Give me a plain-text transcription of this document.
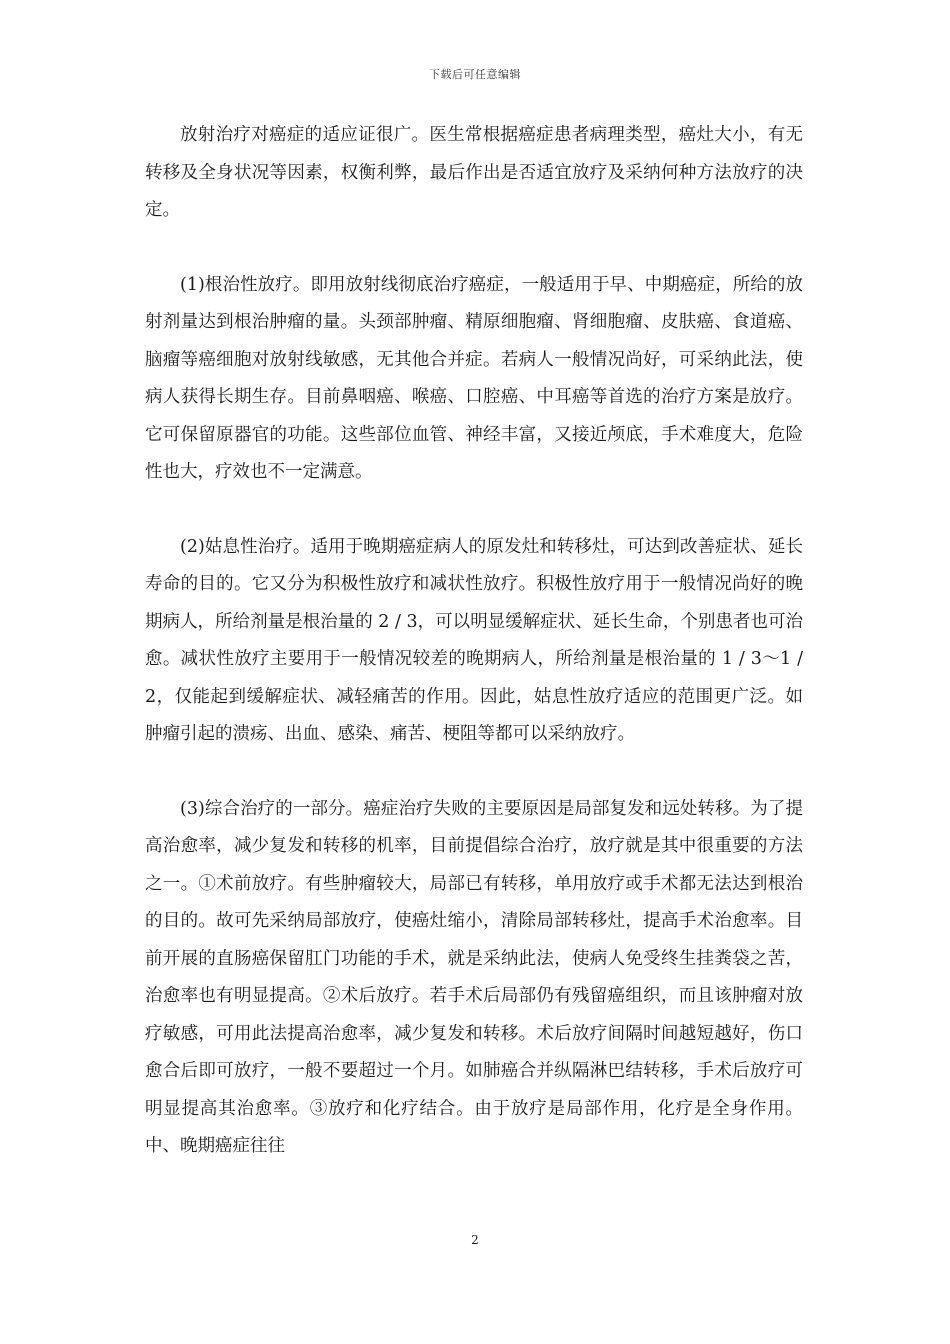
下载后可任意编辑

放射治疗对癌症的适应证很广。医生常根据癌症患者病理类型，癌灶大小，有无转移及全身状况等因素，权衡利弊，最后作出是否适宜放疗及采纳何种方法放疗的决定。

(1)根治性放疗。即用放射线彻底治疗癌症，一般适用于早、中期癌症，所给的放射剂量达到根治肿瘤的量。头颈部肿瘤、精原细胞瘤、肾细胞瘤、皮肤癌、食道癌、脑瘤等癌细胞对放射线敏感，无其他合并症。若病人一般情况尚好，可采纳此法，使病人获得长期生存。目前鼻咽癌、喉癌、口腔癌、中耳癌等首选的治疗方案是放疗。它可保留原器官的功能。这些部位血管、神经丰富，又接近颅底，手术难度大，危险性也大，疗效也不一定满意。

(2)姑息性治疗。适用于晚期癌症病人的原发灶和转移灶，可达到改善症状、延长寿命的目的。它又分为积极性放疗和减状性放疗。积极性放疗用于一般情况尚好的晚期病人，所给剂量是根治量的 2 / 3，可以明显缓解症状、延长生命，个别患者也可治愈。减状性放疗主要用于一般情况较差的晚期病人，所给剂量是根治量的 1 / 3～1 / 2，仅能起到缓解症状、减轻痛苦的作用。因此，姑息性放疗适应的范围更广泛。如肿瘤引起的溃疡、出血、感染、痛苦、梗阻等都可以采纳放疗。

(3)综合治疗的一部分。癌症治疗失败的主要原因是局部复发和远处转移。为了提高治愈率，减少复发和转移的机率，目前提倡综合治疗，放疗就是其中很重要的方法之一。①术前放疗。有些肿瘤较大，局部已有转移，单用放疗或手术都无法达到根治的目的。故可先采纳局部放疗，使癌灶缩小，清除局部转移灶，提高手术治愈率。目前开展的直肠癌保留肛门功能的手术，就是采纳此法，使病人免受终生挂粪袋之苦，治愈率也有明显提高。②术后放疗。若手术后局部仍有残留癌组织，而且该肿瘤对放疗敏感，可用此法提高治愈率，减少复发和转移。术后放疗间隔时间越短越好，伤口愈合后即可放疗，一般不要超过一个月。如肺癌合并纵隔淋巴结转移，手术后放疗可明显提高其治愈率。③放疗和化疗结合。由于放疗是局部作用，化疗是全身作用。中、晚期癌症往往

2
